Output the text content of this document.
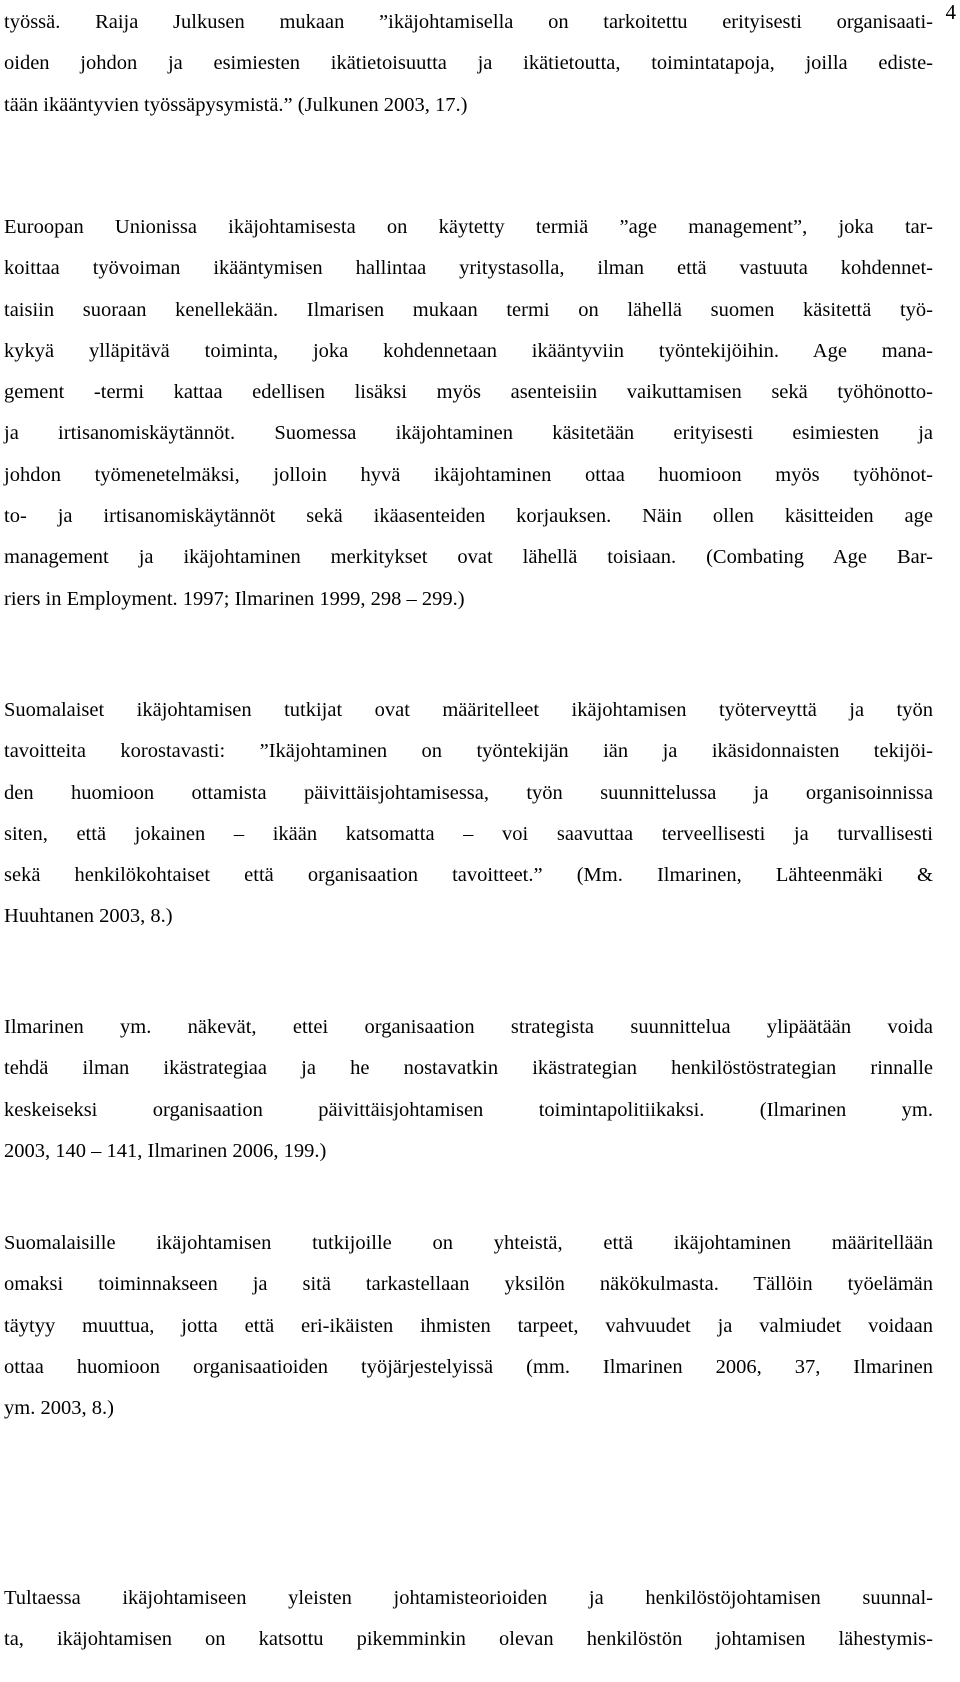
4
työssä. Raija Julkusen mukaan ”ikäjohtamisella on tarkoitettu erityisesti organisaati-
oiden johdon ja esimiesten ikätietoisuutta ja ikätietoutta, toimintatapoja, joilla ediste-
tään ikääntyvien työssäpysymistä.” (Julkunen 2003, 17.)
Euroopan Unionissa ikäjohtamisesta on käytetty termiä ”age management”, joka tar-
koittaa työvoiman ikääntymisen hallintaa yritystasolla, ilman että vastuuta kohdennet-
taisiin suoraan kenellekään. Ilmarisen mukaan termi on lähellä suomen käsitettä työ-
kykyä ylläpitävä toiminta, joka kohdennetaan ikääntyviin työntekijöihin. Age mana-
gement -termi kattaa edellisen lisäksi myös asenteisiin vaikuttamisen sekä työhönotto-
ja irtisanomiskäytännöt. Suomessa ikäjohtaminen käsitetään erityisesti esimiesten ja
johdon työmenetelmäksi, jolloin hyvä ikäjohtaminen ottaa huomioon myös työhönot-
to- ja irtisanomiskäytännöt sekä ikäasenteiden korjauksen. Näin ollen käsitteiden age
management ja ikäjohtaminen merkitykset ovat lähellä toisiaan. (Combating Age Bar-
riers in Employment. 1997; Ilmarinen 1999, 298 – 299.)
Suomalaiset ikäjohtamisen tutkijat ovat määritelleet ikäjohtamisen työterveyttä ja työn
tavoitteita korostavasti: ”Ikäjohtaminen on työntekijän iän ja ikäsidonnaisten tekijöi-
den huomioon ottamista päivittäisjohtamisessa, työn suunnittelussa ja organisoinnissa
siten, että jokainen – ikään katsomatta – voi saavuttaa terveellisesti ja turvallisesti
sekä henkilökohtaiset että organisaation tavoitteet.” (Mm. Ilmarinen, Lähteenmäki &
Huuhtanen 2003, 8.)
Ilmarinen ym. näkevät, ettei organisaation strategista suunnittelua ylipäätään voida
tehdä ilman ikästrategiaa ja he nostavatkin ikästrategian henkilöstöstrategian rinnalle
keskeiseksi organisaation päivittäisjohtamisen toimintapolitiikaksi. (Ilmarinen ym.
2003, 140 – 141, Ilmarinen 2006, 199.)
Suomalaisille ikäjohtamisen tutkijoille on yhteistä, että ikäjohtaminen määritellään
omaksi toiminnakseen ja sitä tarkastellaan yksilön näkökulmasta. Tällöin työelämän
täytyy muuttua, jotta että eri-ikäisten ihmisten tarpeet, vahvuudet ja valmiudet voidaan
ottaa huomioon organisaatioiden työjärjestelyissä (mm. Ilmarinen 2006, 37, Ilmarinen
ym. 2003, 8.)
Tultaessa ikäjohtamiseen yleisten johtamisteorioiden ja henkilöstöjohtamisen suunnal-
ta, ikäjohtamisen on katsottu pikemminkin olevan henkilöstön johtamisen lähestymis-
